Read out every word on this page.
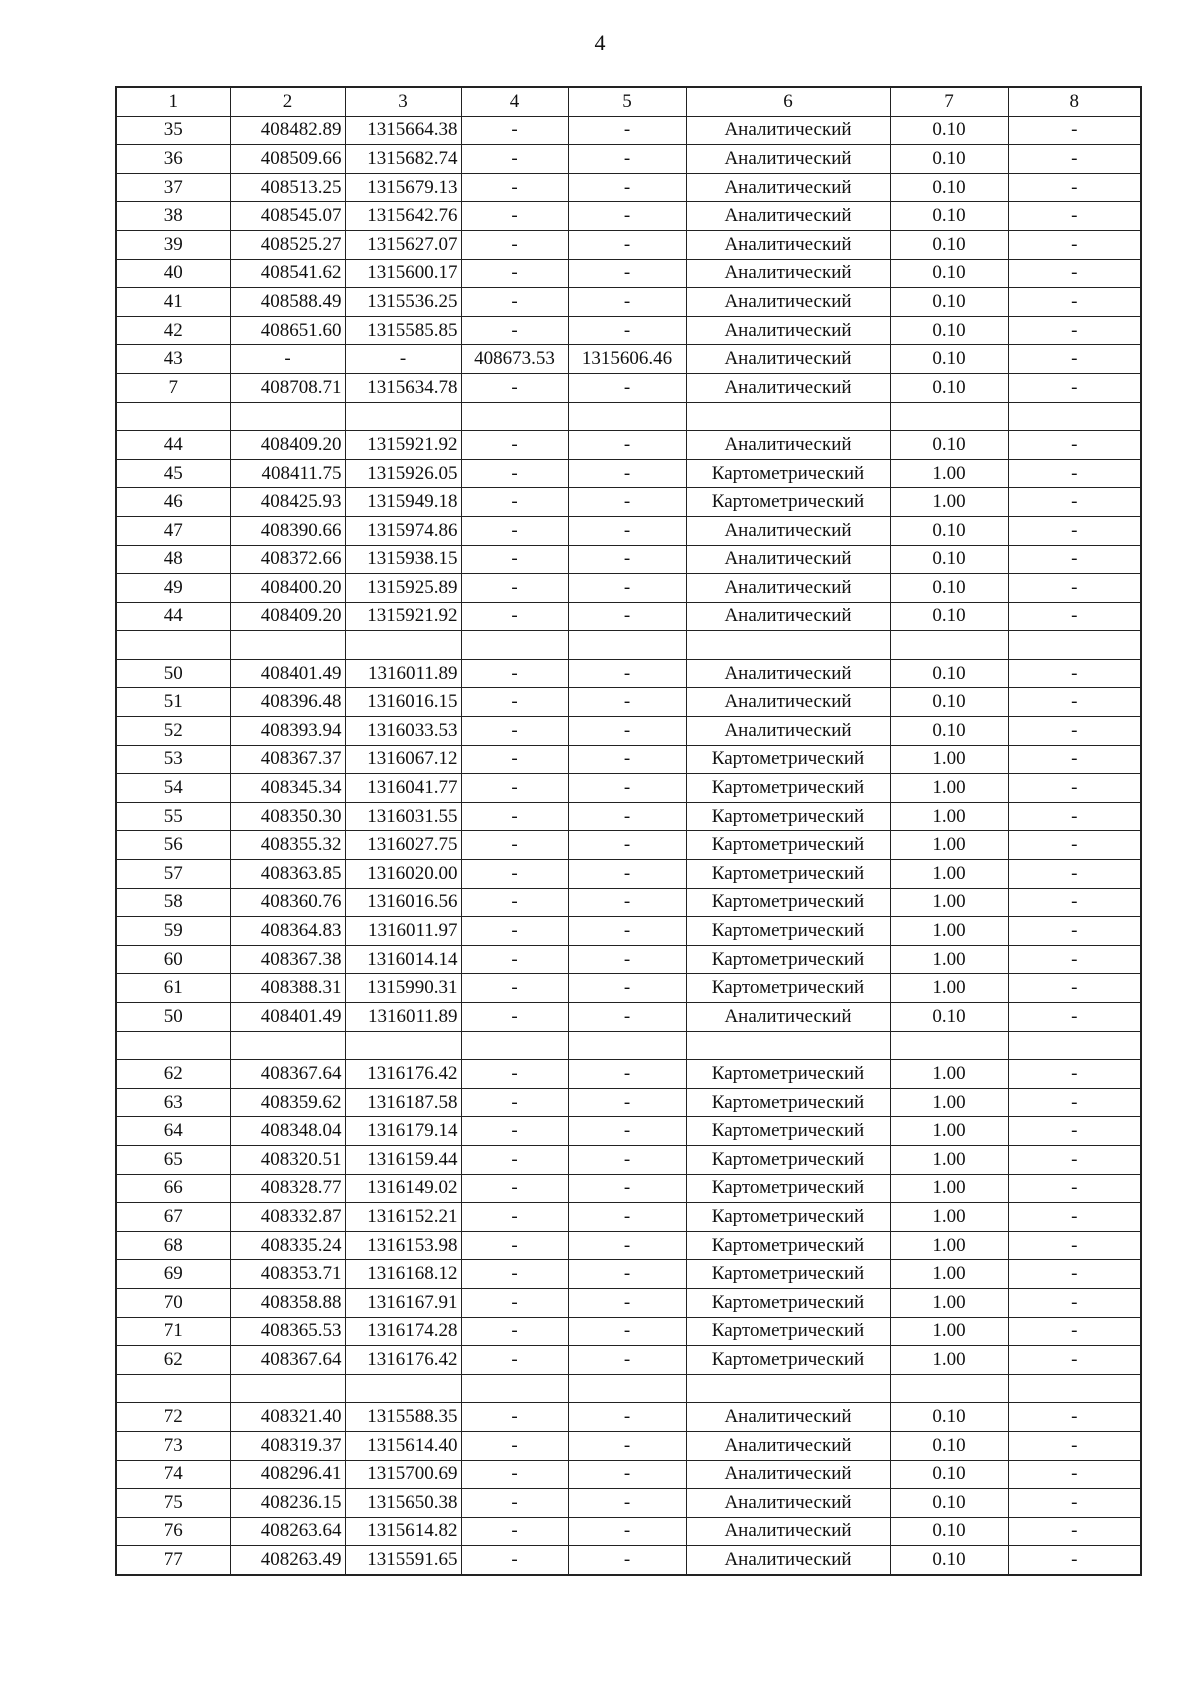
4
1	2	3	4	5	6	7	8
35	408482.89	1315664.38	-	-	Аналитический	0.10	-
36	408509.66	1315682.74	-	-	Аналитический	0.10	-
37	408513.25	1315679.13	-	-	Аналитический	0.10	-
38	408545.07	1315642.76	-	-	Аналитический	0.10	-
39	408525.27	1315627.07	-	-	Аналитический	0.10	-
40	408541.62	1315600.17	-	-	Аналитический	0.10	-
41	408588.49	1315536.25	-	-	Аналитический	0.10	-
42	408651.60	1315585.85	-	-	Аналитический	0.10	-
43	-	-	408673.53	1315606.46	Аналитический	0.10	-
7	408708.71	1315634.78	-	-	Аналитический	0.10	-

44	408409.20	1315921.92	-	-	Аналитический	0.10	-
45	408411.75	1315926.05	-	-	Картометрический	1.00	-
46	408425.93	1315949.18	-	-	Картометрический	1.00	-
47	408390.66	1315974.86	-	-	Аналитический	0.10	-
48	408372.66	1315938.15	-	-	Аналитический	0.10	-
49	408400.20	1315925.89	-	-	Аналитический	0.10	-
44	408409.20	1315921.92	-	-	Аналитический	0.10	-

50	408401.49	1316011.89	-	-	Аналитический	0.10	-
51	408396.48	1316016.15	-	-	Аналитический	0.10	-
52	408393.94	1316033.53	-	-	Аналитический	0.10	-
53	408367.37	1316067.12	-	-	Картометрический	1.00	-
54	408345.34	1316041.77	-	-	Картометрический	1.00	-
55	408350.30	1316031.55	-	-	Картометрический	1.00	-
56	408355.32	1316027.75	-	-	Картометрический	1.00	-
57	408363.85	1316020.00	-	-	Картометрический	1.00	-
58	408360.76	1316016.56	-	-	Картометрический	1.00	-
59	408364.83	1316011.97	-	-	Картометрический	1.00	-
60	408367.38	1316014.14	-	-	Картометрический	1.00	-
61	408388.31	1315990.31	-	-	Картометрический	1.00	-
50	408401.49	1316011.89	-	-	Аналитический	0.10	-

62	408367.64	1316176.42	-	-	Картометрический	1.00	-
63	408359.62	1316187.58	-	-	Картометрический	1.00	-
64	408348.04	1316179.14	-	-	Картометрический	1.00	-
65	408320.51	1316159.44	-	-	Картометрический	1.00	-
66	408328.77	1316149.02	-	-	Картометрический	1.00	-
67	408332.87	1316152.21	-	-	Картометрический	1.00	-
68	408335.24	1316153.98	-	-	Картометрический	1.00	-
69	408353.71	1316168.12	-	-	Картометрический	1.00	-
70	408358.88	1316167.91	-	-	Картометрический	1.00	-
71	408365.53	1316174.28	-	-	Картометрический	1.00	-
62	408367.64	1316176.42	-	-	Картометрический	1.00	-

72	408321.40	1315588.35	-	-	Аналитический	0.10	-
73	408319.37	1315614.40	-	-	Аналитический	0.10	-
74	408296.41	1315700.69	-	-	Аналитический	0.10	-
75	408236.15	1315650.38	-	-	Аналитический	0.10	-
76	408263.64	1315614.82	-	-	Аналитический	0.10	-
77	408263.49	1315591.65	-	-	Аналитический	0.10	-
